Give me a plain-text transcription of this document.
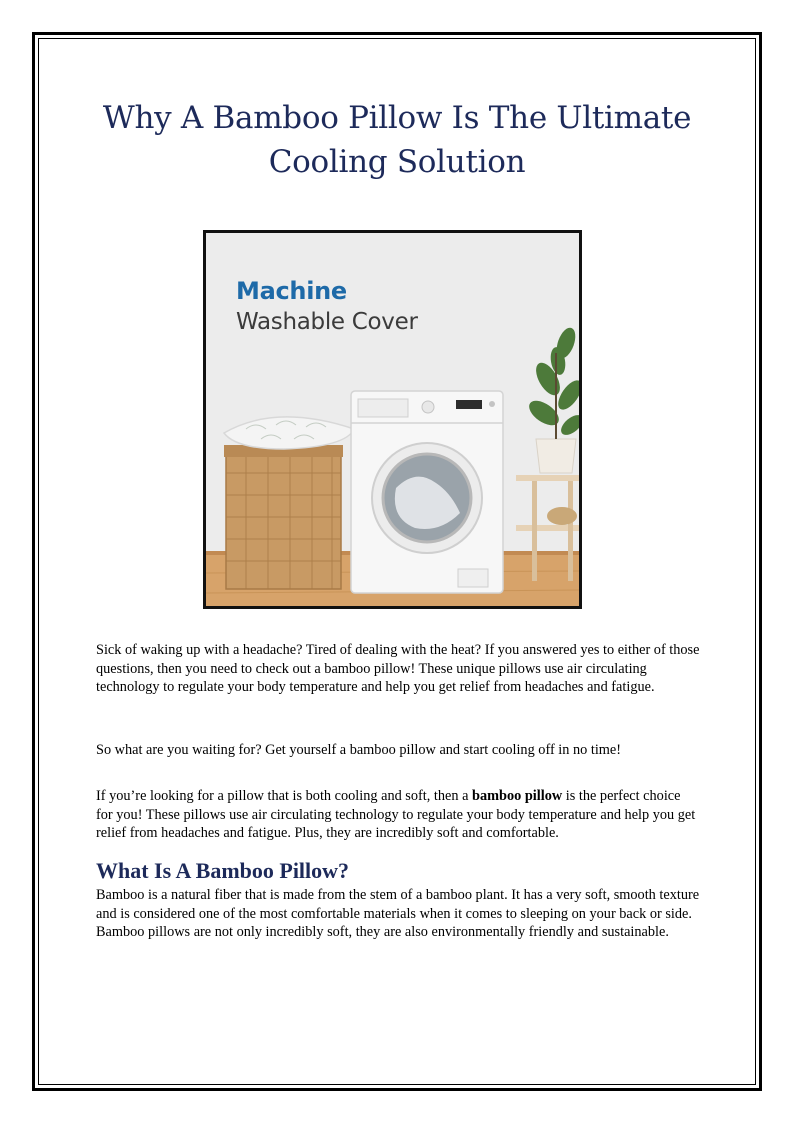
Why A Bamboo Pillow Is The Ultimate Cooling Solution

Machine

Washable Cover

Sick of waking up with a headache? Tired of dealing with the heat? If you answered yes to either of those questions, then you need to check out a bamboo pillow! These unique pillows use air circulating technology to regulate your body temperature and help you get relief from headaches and fatigue.

So what are you waiting for? Get yourself a bamboo pillow and start cooling off in no time!

If you’re looking for a pillow that is both cooling and soft, then a bamboo pillow is the perfect choice for you! These pillows use air circulating technology to regulate your body temperature and help you get relief from headaches and fatigue. Plus, they are incredibly soft and comfortable.

What Is A Bamboo Pillow?

Bamboo is a natural fiber that is made from the stem of a bamboo plant. It has a very soft, smooth texture and is considered one of the most comfortable materials when it comes to sleeping on your back or side. Bamboo pillows are not only incredibly soft, they are also environmentally friendly and sustainable.
